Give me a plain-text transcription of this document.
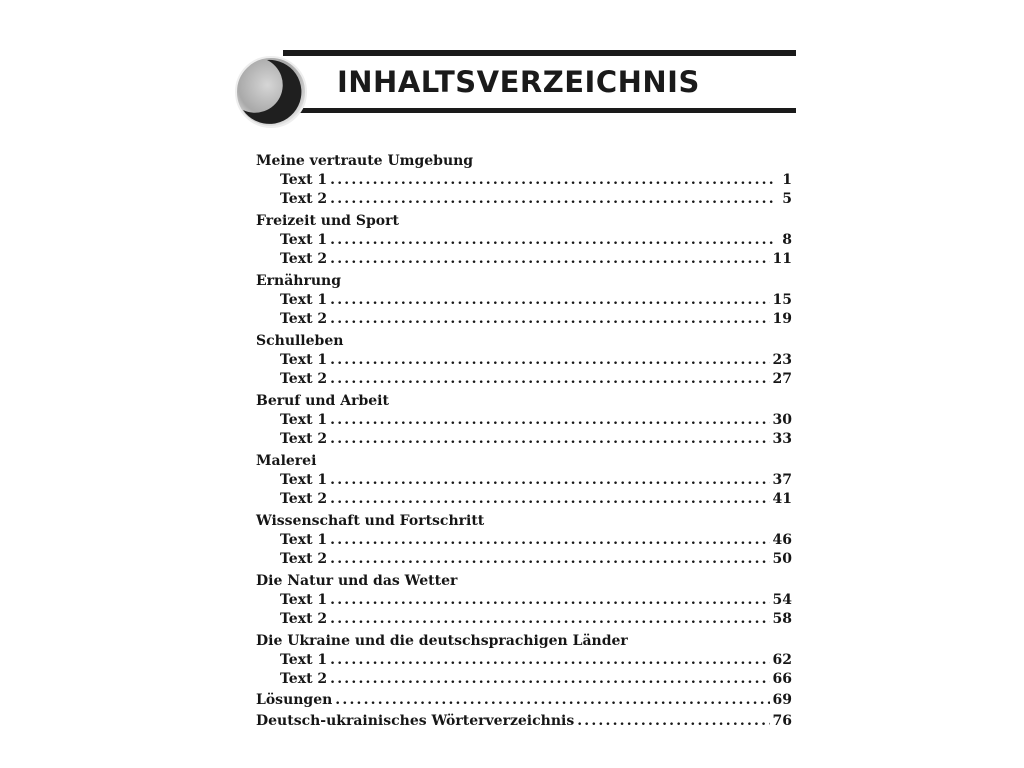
INHALTSVERZEICHNIS
Meine vertraute Umgebung
Text 1 .....	1
Text 2 .....	5
Freizeit und Sport
Text 1 .....	8
Text 2 .....	11
Ernährung
Text 1 .....	15
Text 2 .....	19
Schulleben
Text 1 .....	23
Text 2 .....	27
Beruf und Arbeit
Text 1 .....	30
Text 2 .....	33
Malerei
Text 1 .....	37
Text 2 .....	41
Wissenschaft und Fortschritt
Text 1 .....	46
Text 2 .....	50
Die Natur und das Wetter
Text 1 .....	54
Text 2 .....	58
Die Ukraine und die deutschsprachigen Länder
Text 1 .....	62
Text 2 .....	66
Lösungen .....	69
Deutsch-ukrainisches Wörterverzeichnis .....	76
